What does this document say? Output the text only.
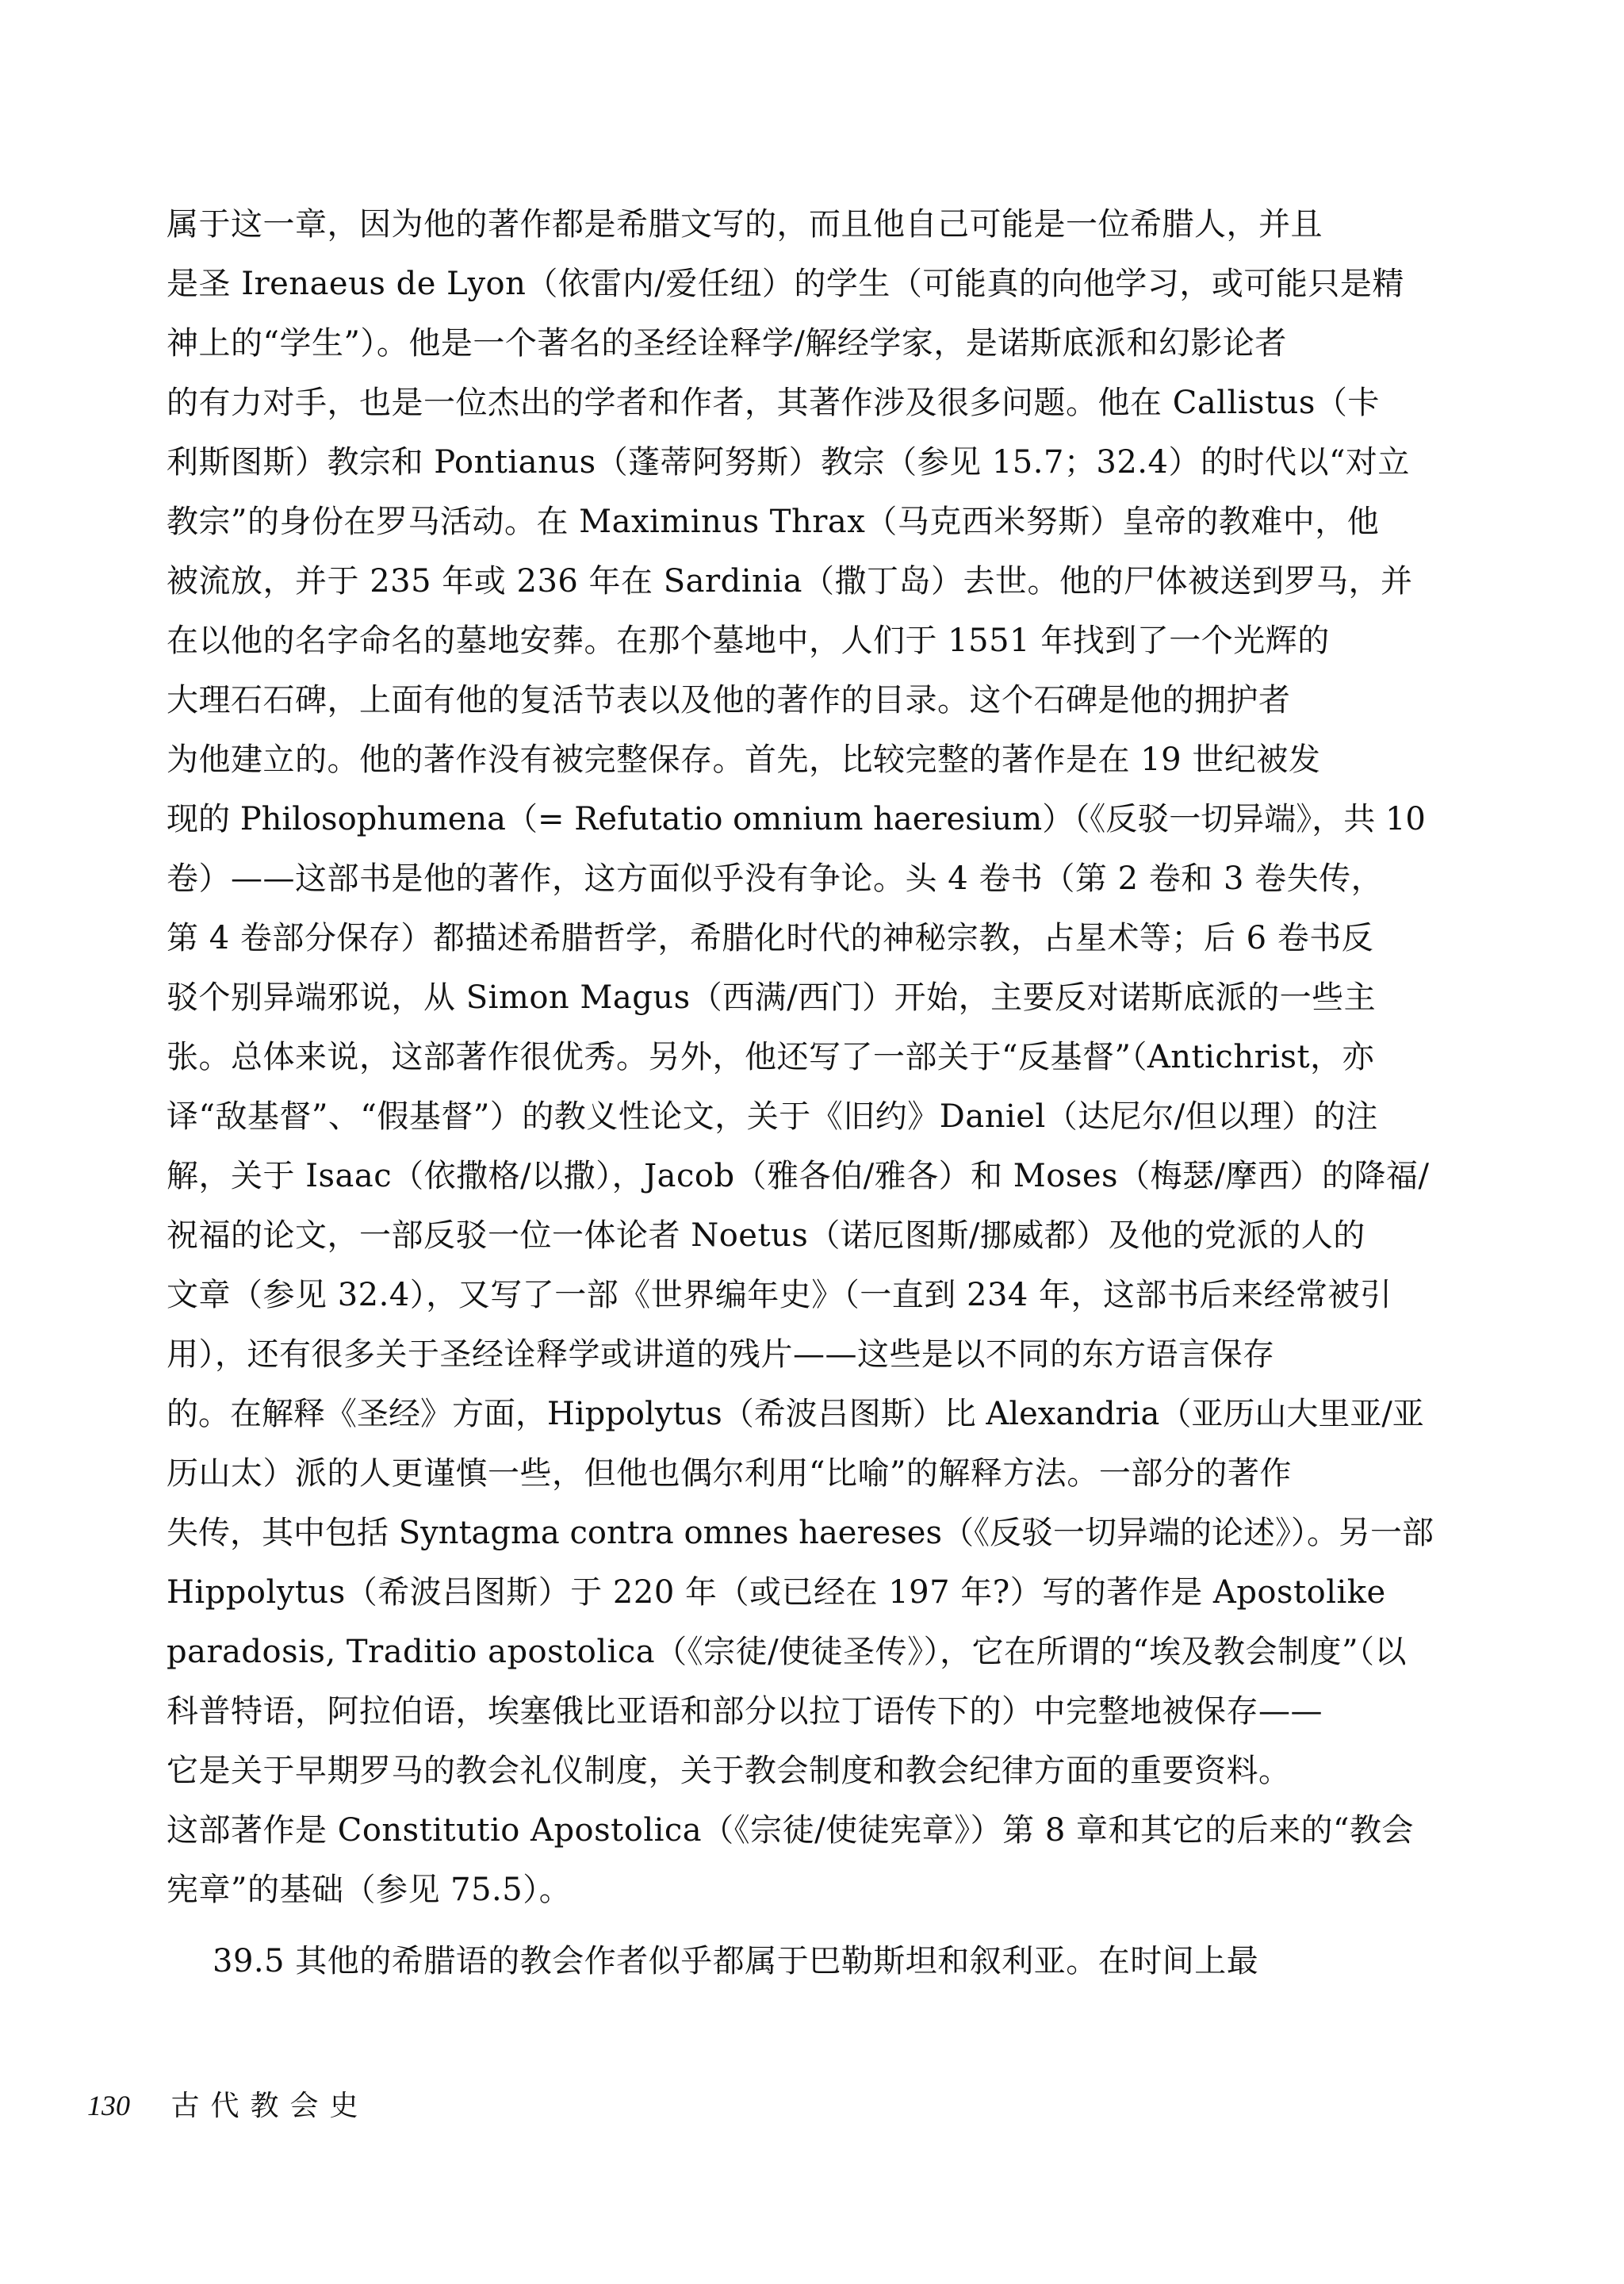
属于这一章，因为他的著作都是希腊文写的，而且他自己可能是一位希腊人，并且
是圣 Irenaeus de Lyon（依雷内/爱任纽）的学生（可能真的向他学习，或可能只是精
神上的“学生”）。他是一个著名的圣经诠释学/解经学家，是诺斯底派和幻影论者
的有力对手，也是一位杰出的学者和作者，其著作涉及很多问题。他在 Callistus（卡
利斯图斯）教宗和 Pontianus（蓬蒂阿努斯）教宗（参见 15.7；32.4）的时代以“对立
教宗”的身份在罗马活动。在 Maximinus Thrax（马克西米努斯）皇帝的教难中，他
被流放，并于 235 年或 236 年在 Sardinia（撒丁岛）去世。他的尸体被送到罗马，并
在以他的名字命名的墓地安葬。在那个墓地中，人们于 1551 年找到了一个光辉的
大理石石碑，上面有他的复活节表以及他的著作的目录。这个石碑是他的拥护者
为他建立的。他的著作没有被完整保存。首先，比较完整的著作是在 19 世纪被发
现的 Philosophumena（= Refutatio omnium haeresium）（《反驳一切异端》，共 10
卷）——这部书是他的著作，这方面似乎没有争论。头 4 卷书（第 2 卷和 3 卷失传，
第 4 卷部分保存）都描述希腊哲学，希腊化时代的神秘宗教，占星术等；后 6 卷书反
驳个别异端邪说，从 Simon Magus（西满/西门）开始，主要反对诺斯底派的一些主
张。总体来说，这部著作很优秀。另外，他还写了一部关于“反基督”（Antichrist，亦
译“敌基督”、“假基督”）的教义性论文，关于《旧约》Daniel（达尼尔/但以理）的注
解，关于 Isaac（依撒格/以撒），Jacob（雅各伯/雅各）和 Moses（梅瑟/摩西）的降福/
祝福的论文，一部反驳一位一体论者 Noetus（诺厄图斯/挪威都）及他的党派的人的
文章（参见 32.4），又写了一部《世界编年史》（一直到 234 年，这部书后来经常被引
用），还有很多关于圣经诠释学或讲道的残片——这些是以不同的东方语言保存
的。在解释《圣经》方面，Hippolytus（希波吕图斯）比 Alexandria（亚历山大里亚/亚
历山太）派的人更谨慎一些，但他也偶尔利用“比喻”的解释方法。一部分的著作
失传，其中包括 Syntagma contra omnes haereses（《反驳一切异端的论述》）。另一部
Hippolytus（希波吕图斯）于 220 年（或已经在 197 年?）写的著作是 Apostolike
paradosis, Traditio apostolica（《宗徒/使徒圣传》），它在所谓的“埃及教会制度”（以
科普特语，阿拉伯语，埃塞俄比亚语和部分以拉丁语传下的）中完整地被保存——
它是关于早期罗马的教会礼仪制度，关于教会制度和教会纪律方面的重要资料。
这部著作是 Constitutio Apostolica（《宗徒/使徒宪章》）第 8 章和其它的后来的“教会
宪章”的基础（参见 75.5）。
39.5 其他的希腊语的教会作者似乎都属于巴勒斯坦和叙利亚。在时间上最
130 古代教会史
